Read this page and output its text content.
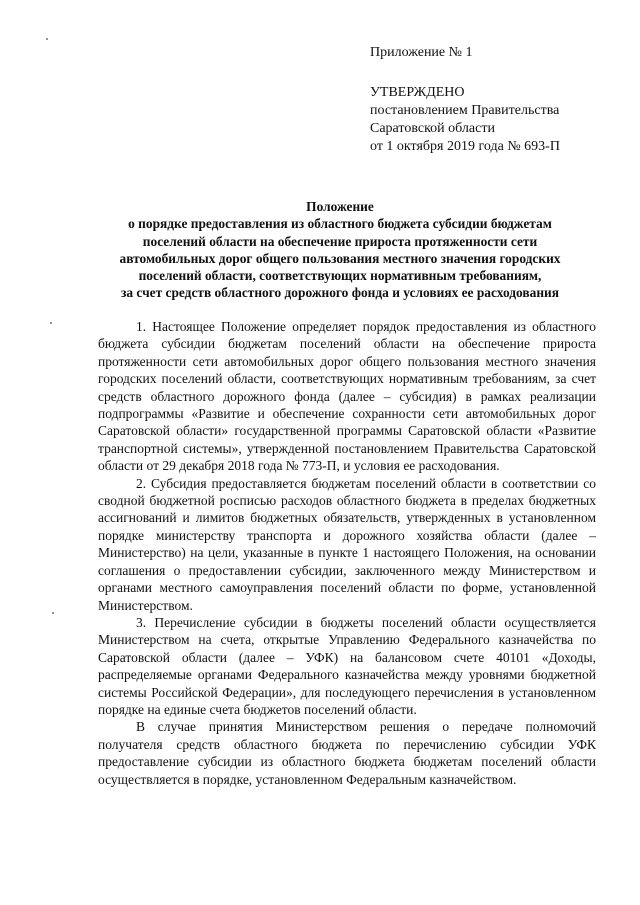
Приложение № 1
УТВЕРЖДЕНО
постановлением Правительства
Саратовской области
от 1 октября 2019 года № 693-П
Положение
о порядке предоставления из областного бюджета субсидии бюджетам
поселений области на обеспечение прироста протяженности сети
автомобильных дорог общего пользования местного значения городских
поселений области, соответствующих нормативным требованиям,
за счет средств областного дорожного фонда и условиях ее расходования

1. Настоящее Положение определяет порядок предоставления из областного бюджета субсидии бюджетам поселений области на обеспечение прироста протяженности сети автомобильных дорог общего пользования местного значения городских поселений области, соответствующих нормативным требованиям, за счет средств областного дорожного фонда (далее – субсидия) в рамках реализации подпрограммы «Развитие и обеспечение сохранности сети автомобильных дорог Саратовской области» государственной программы Саратовской области «Развитие транспортной системы», утвержденной постановлением Правительства Саратовской области от 29 декабря 2018 года № 773-П, и условия ее расходования.

2. Субсидия предоставляется бюджетам поселений области в соответствии со сводной бюджетной росписью расходов областного бюджета в пределах бюджетных ассигнований и лимитов бюджетных обязательств, утвержденных в установленном порядке министерству транспорта и дорожного хозяйства области (далее – Министерство) на цели, указанные в пункте 1 настоящего Положения, на основании соглашения о предоставлении субсидии, заключенного между Министерством и органами местного самоуправления поселений области по форме, установленной Министерством.

3. Перечисление субсидии в бюджеты поселений области осуществляется Министерством на счета, открытые Управлению Федерального казначейства по Саратовской области (далее – УФК) на балансовом счете 40101 «Доходы, распределяемые органами Федерального казначейства между уровнями бюджетной системы Российской Федерации», для последующего перечисления в установленном порядке на единые счета бюджетов поселений области.

В случае принятия Министерством решения о передаче полномочий получателя средств областного бюджета по перечислению субсидии УФК предоставление субсидии из областного бюджета бюджетам поселений области осуществляется в порядке, установленном Федеральным казначейством.
